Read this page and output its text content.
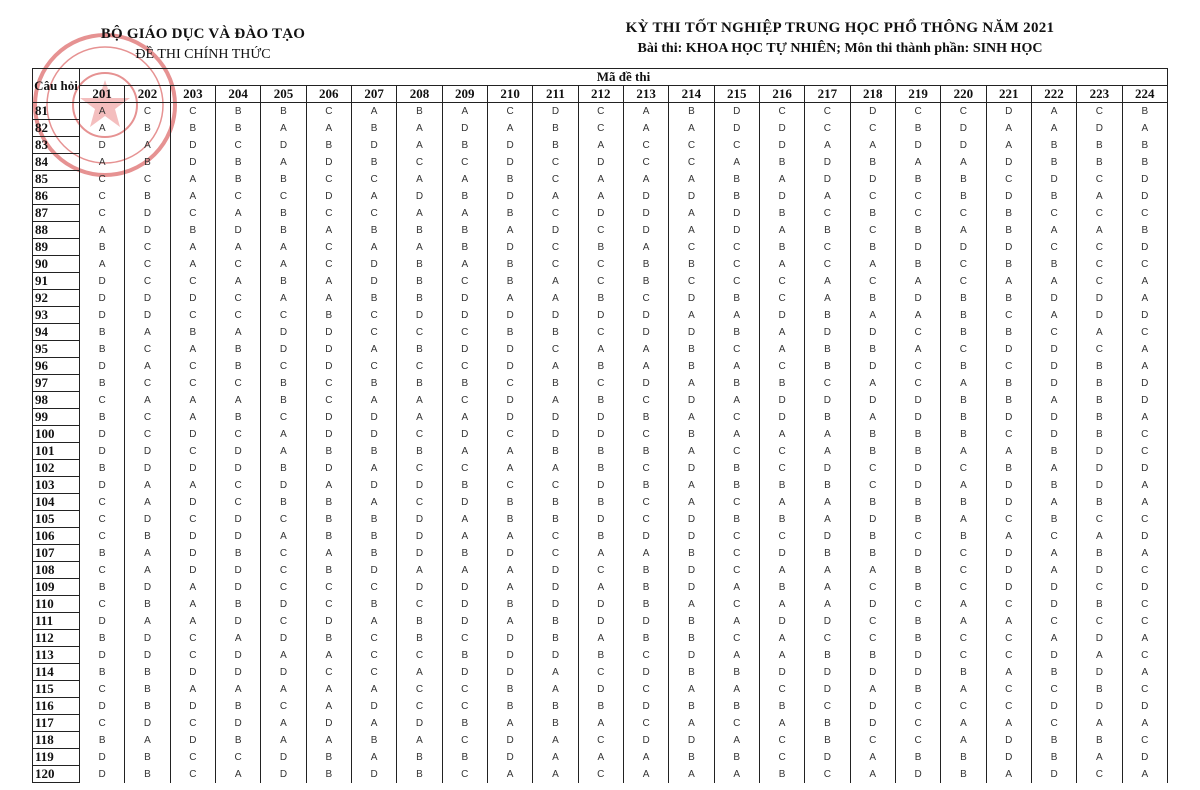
BỘ GIÁO DỤC VÀ ĐÀO TẠO
ĐỀ THI CHÍNH THỨC
KỲ THI TỐT NGHIỆP TRUNG HỌC PHỔ THÔNG NĂM 2021
Bài thi: KHOA HỌC TỰ NHIÊN; Môn thi thành phần: SINH HỌC
Câu hỏi	Mã đề thi																							
	201	202	203	204	205	206	207	208	209	210	211	212	213	214	215	216	217	218	219	220	221	222	223	224
81	A	C	C	B	B	C	A	B	A	C	D	C	A	B	D	C	C	D	C	C	D	A	C	B
82	A	B	B	B	A	A	B	A	D	A	B	C	A	A	D	D	C	C	B	D	A	A	D	A
83	D	A	D	C	D	B	D	A	B	D	B	A	C	C	C	D	A	A	D	D	A	B	B	B
84	A	B	D	B	A	D	B	C	C	D	C	D	C	C	A	B	D	B	A	A	D	B	B	B
85	C	C	A	B	B	C	C	A	A	B	C	A	A	A	B	A	D	D	B	B	C	D	C	D
86	C	B	A	C	C	D	A	D	B	D	A	A	D	D	B	D	A	C	C	B	D	B	A	D
87	C	D	C	A	B	C	C	A	A	B	C	D	D	A	D	B	C	B	C	C	B	C	C	C
88	A	D	B	D	B	A	B	B	B	A	D	C	D	A	D	A	B	C	B	A	B	A	A	B
89	B	C	A	A	A	C	A	A	B	D	C	B	A	C	C	B	C	B	D	D	D	C	C	D
90	A	C	A	C	A	C	D	B	A	B	C	C	B	B	C	A	C	A	B	C	B	B	C	C
91	D	C	C	A	B	A	D	B	C	B	A	C	B	C	C	C	A	C	A	C	A	A	C	A
92	D	D	D	C	A	A	B	B	D	A	A	B	C	D	B	C	A	B	D	B	B	D	D	A
93	D	D	C	C	C	B	C	D	D	D	D	D	D	A	A	D	B	A	A	B	C	A	D	D
94	B	A	B	A	D	D	C	C	C	B	B	C	D	D	B	A	D	D	C	B	B	C	A	C
95	B	C	A	B	D	D	A	B	D	D	C	A	A	B	C	A	B	B	A	C	D	D	C	A
96	D	A	C	B	C	D	C	C	C	D	A	B	A	B	A	C	B	D	C	B	C	D	B	A
97	B	C	C	C	B	C	B	B	B	C	B	C	D	A	B	B	C	A	C	A	B	D	B	D
98	C	A	A	A	B	C	A	A	C	D	A	B	C	D	A	D	D	D	D	B	B	A	B	D
99	B	C	A	B	C	D	D	A	A	D	D	D	B	A	C	D	B	A	D	B	D	D	B	A
100	D	C	D	C	A	D	D	C	D	C	D	D	C	B	A	A	A	B	B	B	C	D	B	C
101	D	D	C	D	A	B	B	B	A	A	B	B	B	A	C	C	A	B	B	A	A	B	D	C
102	B	D	D	D	B	D	A	C	C	A	A	B	C	D	B	C	D	C	D	C	B	A	D	D
103	D	A	A	C	D	A	D	D	B	C	C	D	B	A	B	B	B	C	D	A	D	B	D	A
104	C	A	D	C	B	B	A	C	D	B	B	B	C	A	C	A	A	B	B	B	D	A	B	A
105	C	D	C	D	C	B	B	D	A	B	B	D	C	D	B	B	A	D	B	A	C	B	C	C
106	C	B	D	D	A	B	B	D	A	A	C	B	D	D	C	C	D	B	C	B	A	C	A	D
107	B	A	D	B	C	A	B	D	B	D	C	A	A	B	C	D	B	B	D	C	D	A	B	A
108	C	A	D	D	C	B	D	A	A	A	D	C	B	D	C	A	A	A	B	C	D	A	D	C
109	B	D	A	D	C	C	C	D	D	A	D	A	B	D	A	B	A	C	B	C	D	D	C	D
110	C	B	A	B	D	C	B	C	D	B	D	D	B	A	C	A	A	D	C	A	C	D	B	C
111	D	A	A	D	C	D	A	B	D	A	B	D	D	B	A	D	D	C	B	A	A	C	C	C
112	B	D	C	A	D	B	C	B	C	D	B	A	B	B	C	A	C	C	B	C	C	A	D	A
113	D	D	C	D	A	A	C	C	B	D	D	B	C	D	A	A	B	B	D	C	C	D	A	C
114	B	B	D	D	D	C	C	A	D	D	A	C	D	B	B	D	D	D	D	B	A	B	D	A
115	C	B	A	A	A	A	A	C	C	B	A	D	C	A	A	C	D	A	B	A	C	C	B	C
116	D	B	D	B	C	A	D	C	C	B	B	B	D	B	B	B	C	D	C	C	C	D	D	D
117	C	D	C	D	A	D	A	D	B	A	B	A	C	A	C	A	B	D	C	A	A	C	A	A
118	B	A	D	B	A	A	B	A	C	D	A	C	D	D	A	C	B	C	C	A	D	B	B	C
119	D	B	C	C	D	B	A	B	B	D	A	A	A	B	B	C	D	A	B	B	D	B	A	D
120	D	B	C	A	D	B	D	B	C	A	A	C	A	A	A	B	C	A	D	B	A	D	C	A
